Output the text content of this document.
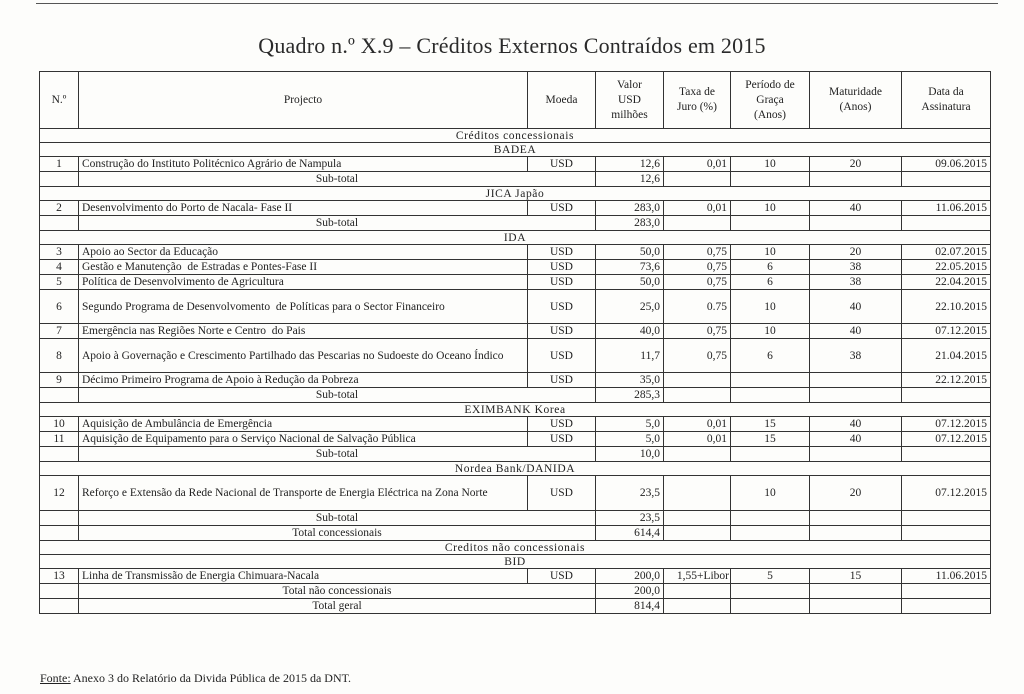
Quadro n.º X.9 – Créditos Externos Contraídos em 2015
N.º	Projecto	Moeda	Valor USD milhões	Taxa de Juro (%)	Período de Graça (Anos)	Maturidade (Anos)	Data da Assinatura
Créditos concessionais							
BADEA							
1	Construção do Instituto Politécnico Agrário de Nampula	USD	12,6	0,01	10	20	09.06.2015
	Sub-total		12,6				
JICA Japão							
2	Desenvolvimento do Porto de Nacala- Fase II	USD	283,0	0,01	10	40	11.06.2015
	Sub-total		283,0				
IDA							
3	Apoio ao Sector da Educação	USD	50,0	0,75	10	20	02.07.2015
4	Gestão e Manutenção  de Estradas e Pontes-Fase II	USD	73,6	0,75	6	38	22.05.2015
5	Política de Desenvolvimento de Agricultura	USD	50,0	0,75	6	38	22.04.2015
6	Segundo Programa de Desenvolvomento  de Políticas para o Sector Financeiro	USD	25,0	0.75	10	40	22.10.2015
7	Emergência nas Regiões Norte e Centro  do Pais	USD	40,0	0,75	10	40	07.12.2015
8	Apoio à Governação e Crescimento Partilhado das Pescarias no Sudoeste do Oceano Índico	USD	11,7	0,75	6	38	21.04.2015
9	Décimo Primeiro Programa de Apoio à Redução da Pobreza	USD	35,0				22.12.2015
	Sub-total		285,3				
EXIMBANK Korea							
10	Aquisição de Ambulância de Emergência	USD	5,0	0,01	15	40	07.12.2015
11	Aquisição de Equipamento para o Serviço Nacional de Salvação Pública	USD	5,0	0,01	15	40	07.12.2015
	Sub-total		10,0				
Nordea Bank/DANIDA							
12	Reforço e Extensão da Rede Nacional de Transporte de Energia Eléctrica na Zona Norte	USD	23,5		10	20	07.12.2015
	Sub-total		23,5				
	Total concessionais		614,4				
Creditos não concessionais							
BID							
13	Linha de Transmissão de Energia Chimuara-Nacala	USD	200,0	1,55+Libor	5	15	11.06.2015
	Total não concessionais		200,0				
	Total geral		814,4				
Fonte: Anexo 3 do Relatório da Divida Pública de 2015 da DNT.
